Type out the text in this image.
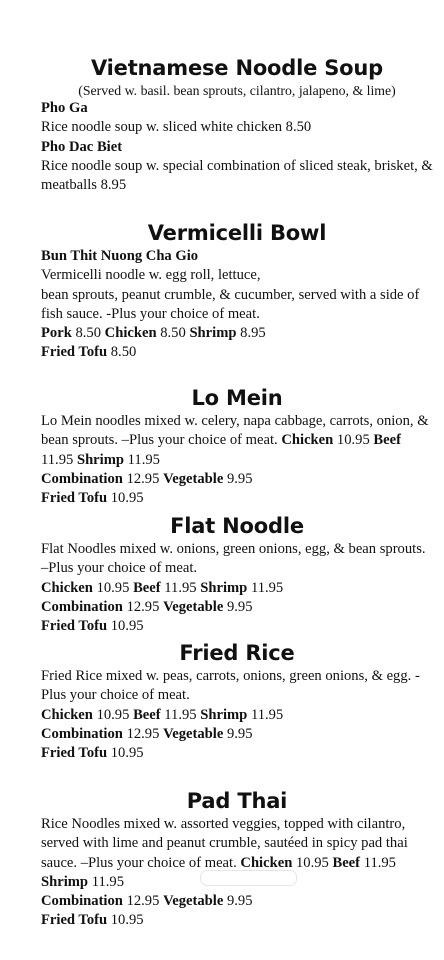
Vietnamese Noodle Soup
(Served w. basil. bean sprouts, cilantro, jalapeno, & lime)

Pho Ga

Rice noodle soup w. sliced white chicken 8.50

Pho Dac Biet

Rice noodle soup w. special combination of sliced steak, brisket, & meatballs 8.95

Vermicelli Bowl

Bun Thit Nuong Cha Gio

Vermicelli noodle w. egg roll, lettuce,

bean sprouts, peanut crumble, & cucumber, served with a side of fish sauce. -Plus your choice of meat.

Pork 8.50 Chicken 8.50 Shrimp 8.95

Fried Tofu 8.50

Lo Mein

Lo Mein noodles mixed w. celery, napa cabbage, carrots, onion, & bean sprouts. –Plus your choice of meat. Chicken 10.95 Beef 11.95 Shrimp 11.95

Combination 12.95 Vegetable 9.95

Fried Tofu 10.95

Flat Noodle

Flat Noodles mixed w. onions, green onions, egg, & bean sprouts. –Plus your choice of meat.

Chicken 10.95 Beef 11.95 Shrimp 11.95

Combination 12.95 Vegetable 9.95

Fried Tofu 10.95

Fried Rice

Fried Rice mixed w. peas, carrots, onions, green onions, & egg. -Plus your choice of meat.

Chicken 10.95 Beef 11.95 Shrimp 11.95

Combination 12.95 Vegetable 9.95

Fried Tofu 10.95

Pad Thai

Rice Noodles mixed w. assorted veggies, topped with cilantro, served with lime and peanut crumble, sautéed in spicy pad thai sauce. –Plus your choice of meat. Chicken 10.95 Beef 11.95 Shrimp 11.95

Combination 12.95 Vegetable 9.95

Fried Tofu 10.95
